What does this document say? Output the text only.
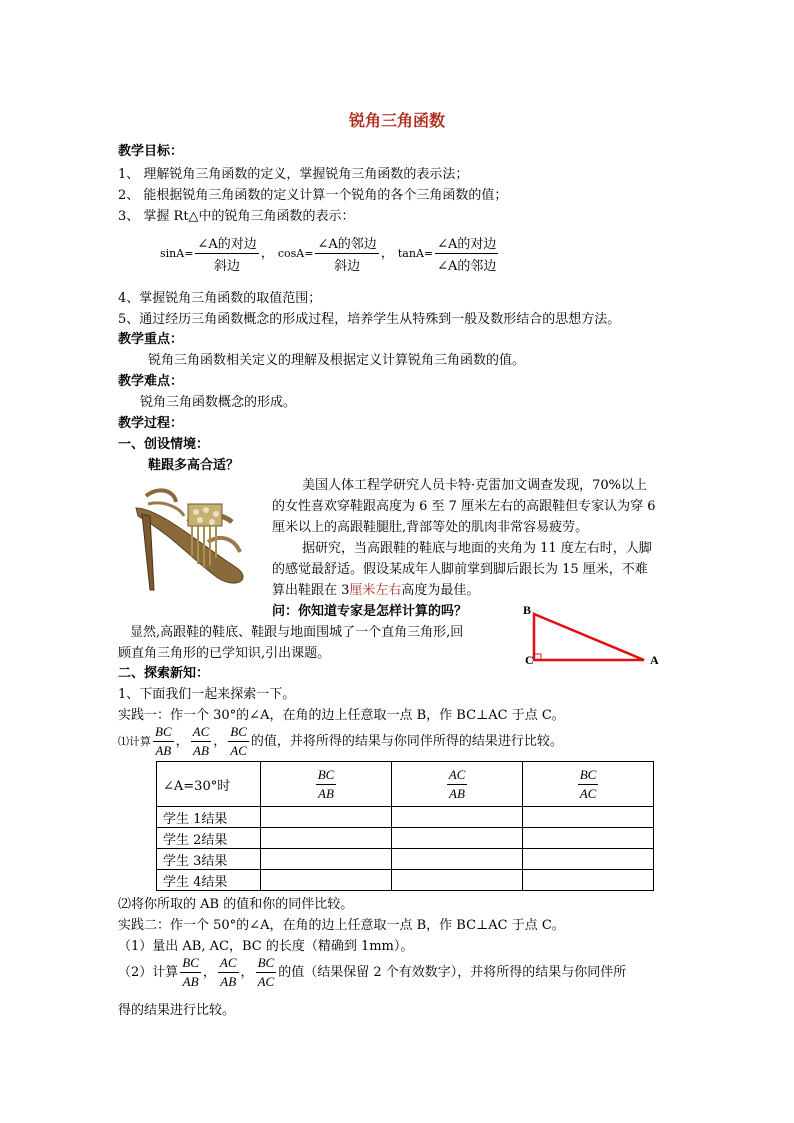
锐角三角函数
教学目标：
1、 理解锐角三角函数的定义，掌握锐角三角函数的表示法；
2、 能根据锐角三角函数的定义计算一个锐角的各个三角函数的值；
3、 掌握 Rt△中的锐角三角函数的表示：
$\sin A= \frac{\text{∠A的对边}}{\text{斜边}}$ ， $\cos A= \frac{\text{∠A的邻边}}{\text{斜边}}$ ， $\tan A= \frac{\text{∠A的对边}}{\text{∠A的邻边}}$
4、掌握锐角三角函数的取值范围；
5、通过经历三角函数概念的形成过程，培养学生从特殊到一般及数形结合的思想方法。
教学重点：
锐角三角函数相关定义的理解及根据定义计算锐角三角函数的值。
教学难点：
锐角三角函数概念的形成。
教学过程：
一、创设情境：
鞋跟多高合适？
美国人体工程学研究人员卡特·克雷加文调查发现，70%以上
的女性喜欢穿鞋跟高度为 6 至 7 厘米左右的高跟鞋但专家认为穿 6
厘米以上的高跟鞋腿肚,背部等处的肌肉非常容易疲劳。
据研究，当高跟鞋的鞋底与地面的夹角为 11 度左右时，人脚
的感觉最舒适。假设某成年人脚前掌到脚后跟长为 15 厘米，不难
算出鞋跟在 3厘米左右高度为最佳。
问：你知道专家是怎样计算的吗？
显然,高跟鞋的鞋底、鞋跟与地面围城了一个直角三角形,回
顾直角三角形的已学知识,引出课题。
B
C	A
二、探索新知：
1、下面我们一起来探索一下。
实践一：作一个 30°的∠A，在角的边上任意取一点 B，作 BC⊥AC 于点 C。
⑴计算 $\frac{BC}{AB}$ ， $\frac{AC}{AB}$ ， $\frac{BC}{AC}$ 的值，并将所得的结果与你同伴所得的结果进行比较。
∠A=30°时	$\frac{BC}{AB}$	$\frac{AC}{AB}$	$\frac{BC}{AC}$

学生 1结果			
学生 2结果			
学生 3结果			
学生 4结果			
⑵将你所取的 AB 的值和你的同伴比较。
实践二：作一个 50°的∠A，在角的边上任意取一点 B，作 BC⊥AC 于点 C。
（1）量出 AB, AC，BC 的长度（精确到 1mm）。
（2）计算 $\frac{BC}{AB}$ ， $\frac{AC}{AB}$ ， $\frac{BC}{AC}$ 的值（结果保留 2 个有效数字），并将所得的结果与你同伴所
得的结果进行比较。
